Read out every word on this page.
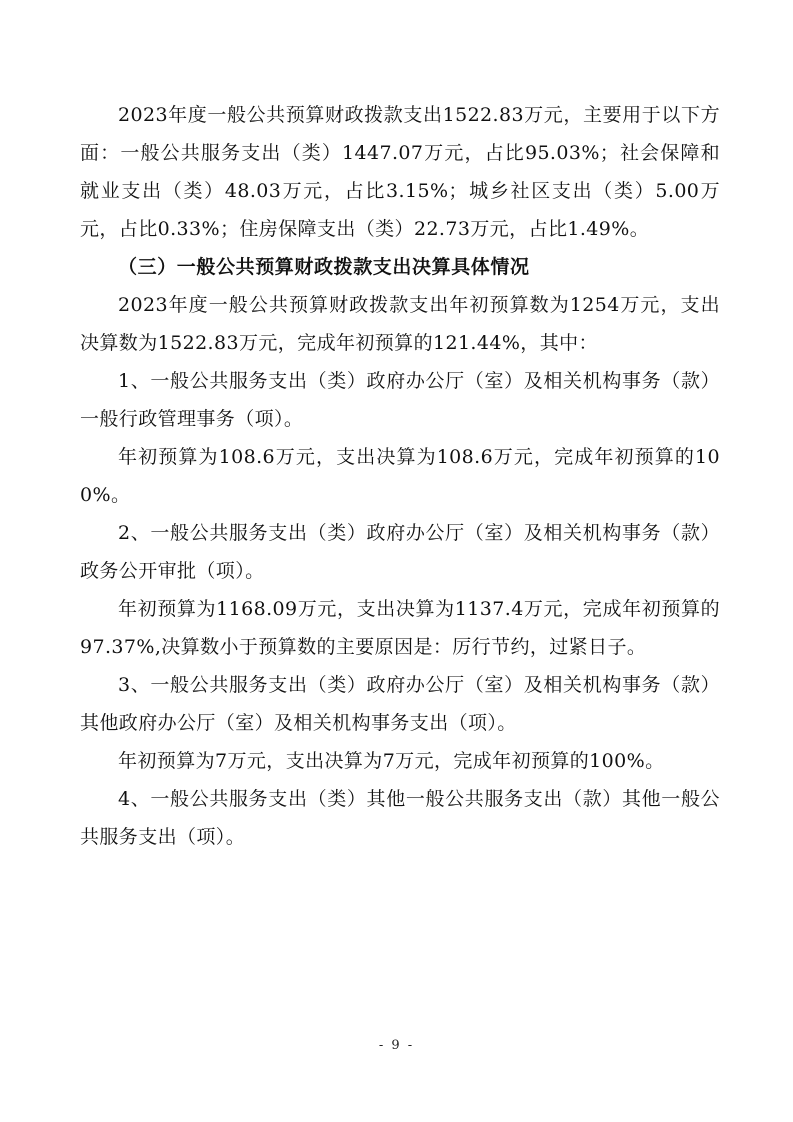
2023年度一般公共预算财政拨款支出1522.83万元，主要用于以下方面：一般公共服务支出（类）1447.07万元，占比95.03%；社会保障和就业支出（类）48.03万元，占比3.15%；城乡社区支出（类）5.00万元，占比0.33%；住房保障支出（类）22.73万元，占比1.49%。

（三）一般公共预算财政拨款支出决算具体情况

2023年度一般公共预算财政拨款支出年初预算数为1254万元，支出决算数为1522.83万元，完成年初预算的121.44%，其中：

1、一般公共服务支出（类）政府办公厅（室）及相关机构事务（款）一般行政管理事务（项）。

年初预算为108.6万元，支出决算为108.6万元，完成年初预算的100%。

2、一般公共服务支出（类）政府办公厅（室）及相关机构事务（款）政务公开审批（项）。

年初预算为1168.09万元，支出决算为1137.4万元，完成年初预算的97.37%,决算数小于预算数的主要原因是：厉行节约，过紧日子。

3、一般公共服务支出（类）政府办公厅（室）及相关机构事务（款）其他政府办公厅（室）及相关机构事务支出（项）。

年初预算为7万元，支出决算为7万元，完成年初预算的100%。

4、一般公共服务支出（类）其他一般公共服务支出（款）其他一般公共服务支出（项）。

- 9 -
